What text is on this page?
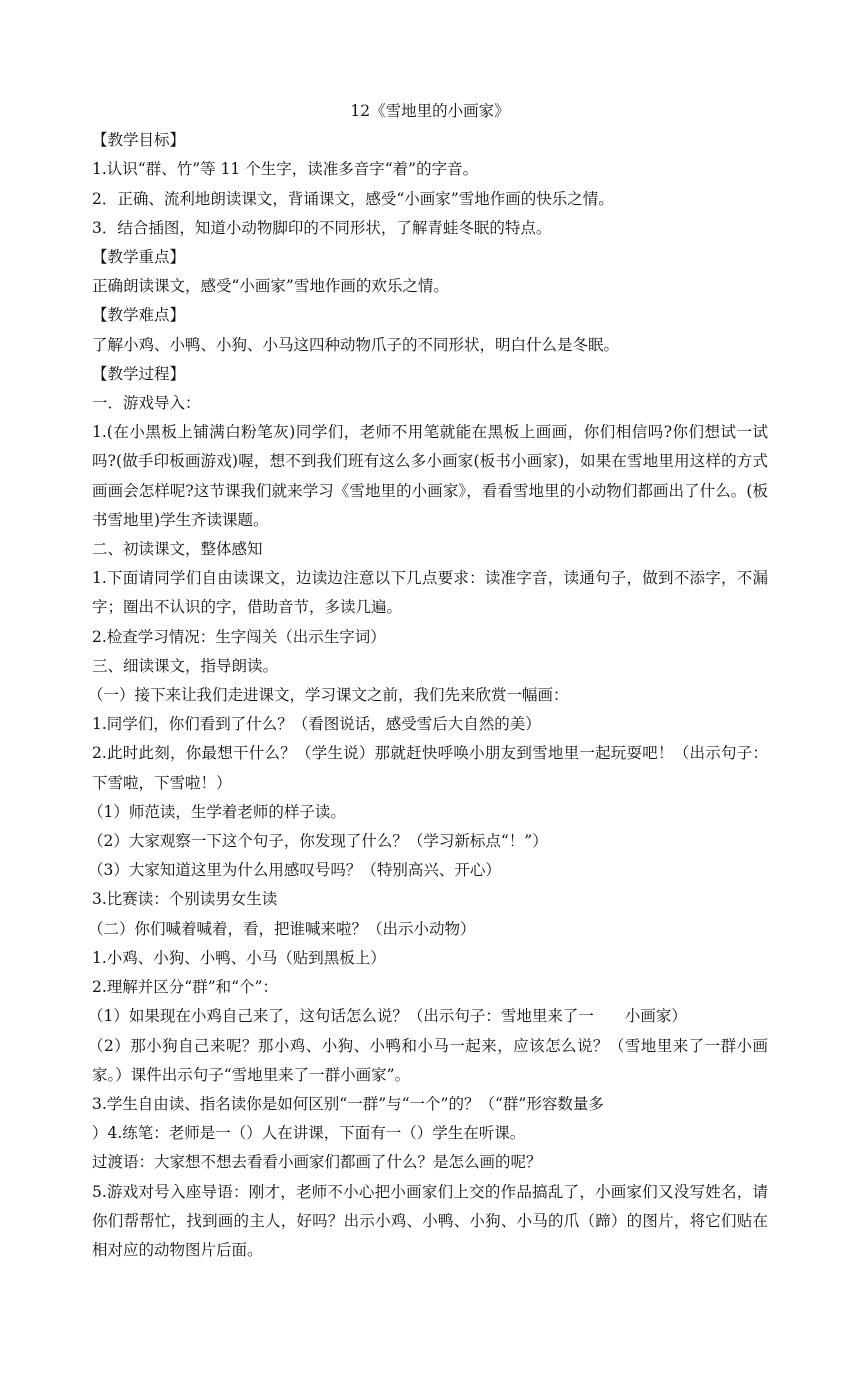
12《雪地里的小画家》

【教学目标】

1.认识“群、竹”等 11 个生字，读准多音字“着”的字音。

2．正确、流利地朗读课文，背诵课文，感受“小画家”雪地作画的快乐之情。

3．结合插图，知道小动物脚印的不同形状，了解青蛙冬眠的特点。

【教学重点】

正确朗读课文，感受“小画家”雪地作画的欢乐之情。

【教学难点】

了解小鸡、小鸭、小狗、小马这四种动物爪子的不同形状，明白什么是冬眠。

【教学过程】

一．游戏导入：

1.(在小黑板上铺满白粉笔灰)同学们，老师不用笔就能在黑板上画画，你们相信吗?你们想试一试吗?(做手印板画游戏)喔，想不到我们班有这么多小画家(板书小画家)，如果在雪地里用这样的方式画画会怎样呢?这节课我们就来学习《雪地里的小画家》，看看雪地里的小动物们都画出了什么。(板书雪地里)学生齐读课题。

二、初读课文，整体感知

1.下面请同学们自由读课文，边读边注意以下几点要求：读准字音，读通句子，做到不添字，不漏字；圈出不认识的字，借助音节，多读几遍。

2.检查学习情况：生字闯关（出示生字词）

三、细读课文，指导朗读。

（一）接下来让我们走进课文，学习课文之前，我们先来欣赏一幅画：

1.同学们，你们看到了什么？（看图说话，感受雪后大自然的美）

2.此时此刻，你最想干什么？（学生说）那就赶快呼唤小朋友到雪地里一起玩耍吧！（出示句子：下雪啦，下雪啦！）

（1）师范读，生学着老师的样子读。

（2）大家观察一下这个句子，你发现了什么？（学习新标点“！”）

（3）大家知道这里为什么用感叹号吗？（特别高兴、开心）

3.比赛读：个别读男女生读

（二）你们喊着喊着，看，把谁喊来啦？（出示小动物）

1.小鸡、小狗、小鸭、小马（贴到黑板上）

2.理解并区分“群”和“个”：

（1）如果现在小鸡自己来了，这句话怎么说？（出示句子：雪地里来了一　　小画家）

（2）那小狗自己来呢？那小鸡、小狗、小鸭和小马一起来，应该怎么说？（雪地里来了一群小画家。）课件出示句子“雪地里来了一群小画家”。

3.学生自由读、指名读你是如何区别“一群”与“一个”的？（“群”形容数量多

）4.练笔：老师是一（）人在讲课，下面有一（）学生在听课。

过渡语：大家想不想去看看小画家们都画了什么？是怎么画的呢？

5.游戏对号入座导语：刚才，老师不小心把小画家们上交的作品搞乱了，小画家们又没写姓名，请你们帮帮忙，找到画的主人，好吗？出示小鸡、小鸭、小狗、小马的爪（蹄）的图片，将它们贴在相对应的动物图片后面。
